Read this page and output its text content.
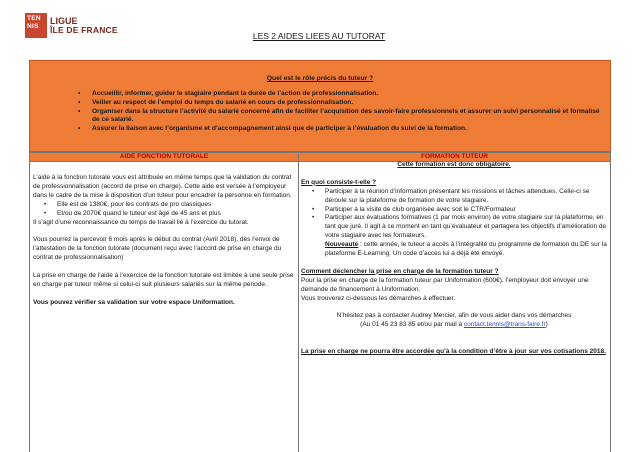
TEN
NIS
LIGUE
ÎLE DE FRANCE
LES 2 AIDES LIEES AU TUTORAT
Quel est le rôle précis du tuteur ?
• Accueillir, informer, guider le stagiaire pendant la durée de l’action de professionnalisation.
• Veiller au respect de l’emploi du temps du salarié en cours de professionnalisation.
• Organiser dans la structure l’activité du salarié concerné afin de faciliter l’acquisition des savoir-faire professionnels et assurer un suivi personnalisé et formalisé de ce salarié.
• Assurer la liaison avec l’organisme et d’accompagnement ainsi que de participer à l’évaluation du suivi de la formation.
AIDE FONCTION TUTORALE	FORMATION TUTEUR

L’aide à la fonction tutorale vous est attribuée en même temps que la validation du contrat de professionnalisation (accord de prise en charge). Cette aide est versée à l’employeur dans le cadre de la mise à disposition d’un tuteur pour encadrer la personne en formation.

• Elle est de 1380€, pour les contrats de pro classiques

• Et/ou de 2070€ quand le tuteur est âgé de 45 ans et plus

Il s’agit d’une reconnaissance du temps de travail lié à l’exercice du tutorat.

Vous pourrez la percevoir 6 mois après le début du contrat (Avril 2018), dès l’envoi de l’attestation de la fonction tutorale (document reçu avec l’accord de prise en charge du contrat de professionnalisation)

La prise en charge de l’aide à l’exercice de la fonction tutorale est limitée à une seule prise en charge par tuteur même si celui-ci suit plusieurs salariés sur la même période.

Vous pouvez vérifier sa validation sur votre espace Uniformation.

Cette formation est donc obligatoire.

En quoi consiste-t-elle ?

• Participer à la réunion d’information présentant les missions et tâches attendues. Celle-ci se déroule sur la plateforme de formation de votre stagiaire.

• Participer à la visite de club organisée avec soit le CTR/Formateur

• Participer aux évaluations formatives (1 par mois environ) de votre stagiaire sur la plateforme, en tant que juré. Il agit à ce moment en tant qu’évaluateur et partagera les objectifs d’amélioration de votre stagiaire avec les formateurs.

Nouveauté : cette année, le tuteur a accès à l’intégralité du programme de formation du DE sur la plateforme E-Learning. Un code d’accès lui a déjà été envoyé.

Comment déclencher la prise en charge de la formation tuteur ?

Pour la prise en charge de la formation tuteur par Uniformation (600€), l’employeur doit envoyer une demande de financement à Uniformation.

Vous trouverez ci-dessous les démarches à effectuer.

N’hésitez pas à contacter Audrey Mercier, afin de vous aider dans vos démarches

(Au 01 45 23 83 85 et/ou par mail à contact.tennis@trans-faire.fr)

La prise en charge ne pourra être accordée qu’à la condition d’être à jour sur vos cotisations 2018.
